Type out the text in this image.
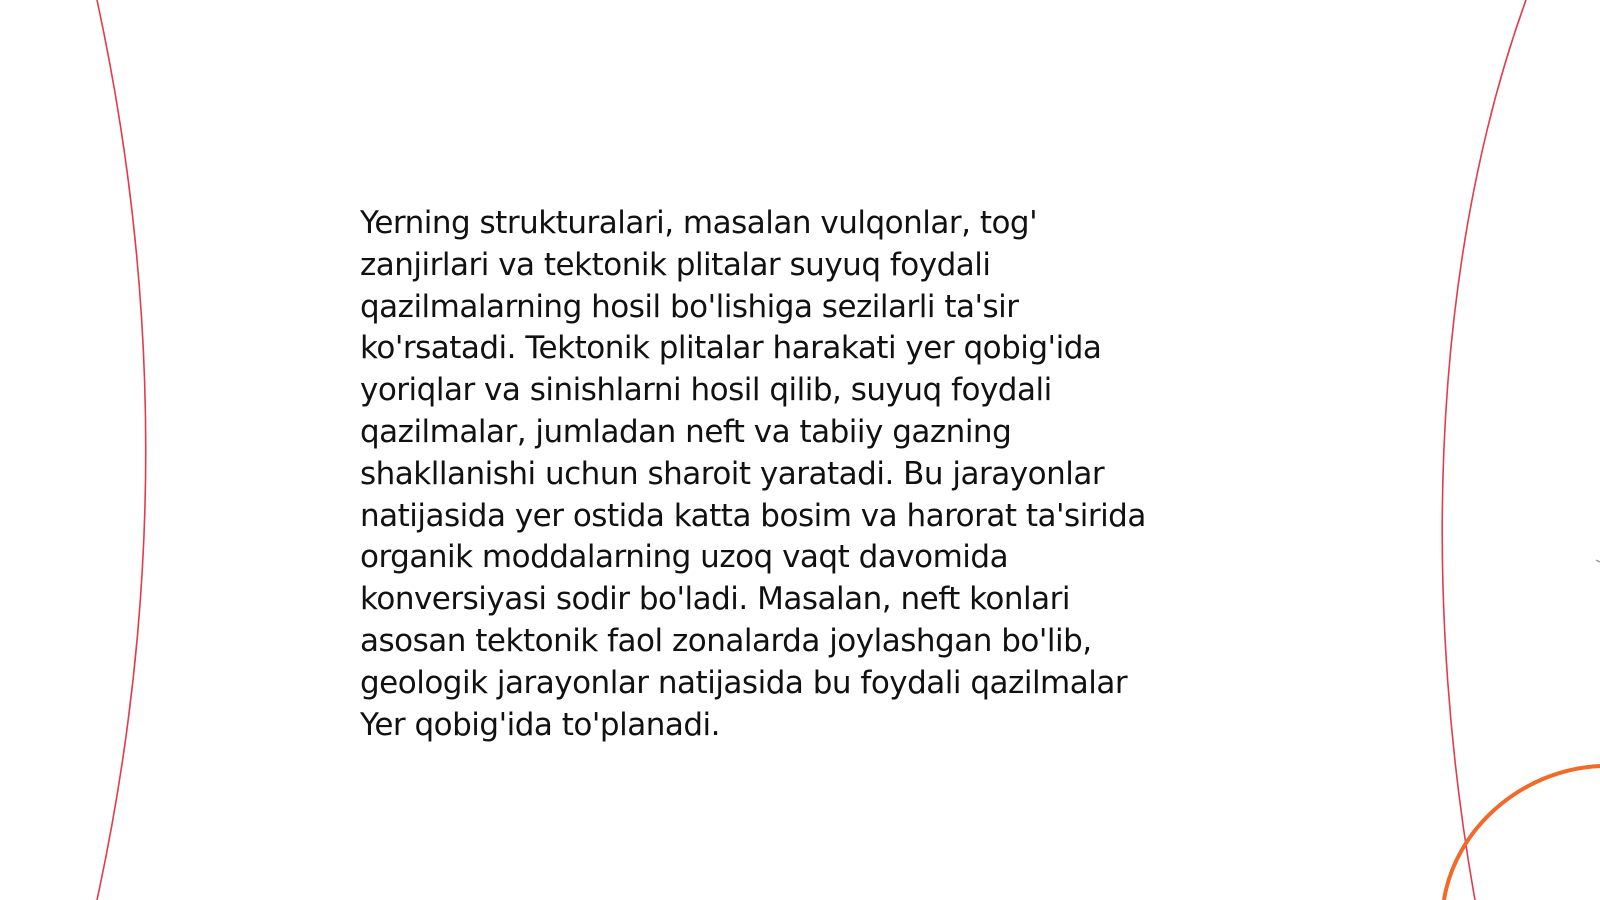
Yerning strukturalari, masalan vulqonlar, tog'
zanjirlari va tektonik plitalar suyuq foydali
qazilmalarning hosil bo'lishiga sezilarli ta'sir
ko'rsatadi. Tektonik plitalar harakati yer qobig'ida
yoriqlar va sinishlarni hosil qilib, suyuq foydali
qazilmalar, jumladan neft va tabiiy gazning
shakllanishi uchun sharoit yaratadi. Bu jarayonlar
natijasida yer ostida katta bosim va harorat ta'sirida
organik moddalarning uzoq vaqt davomida
konversiyasi sodir bo'ladi. Masalan, neft konlari
asosan tektonik faol zonalarda joylashgan bo'lib,
geologik jarayonlar natijasida bu foydali qazilmalar
Yer qobig'ida to'planadi.
